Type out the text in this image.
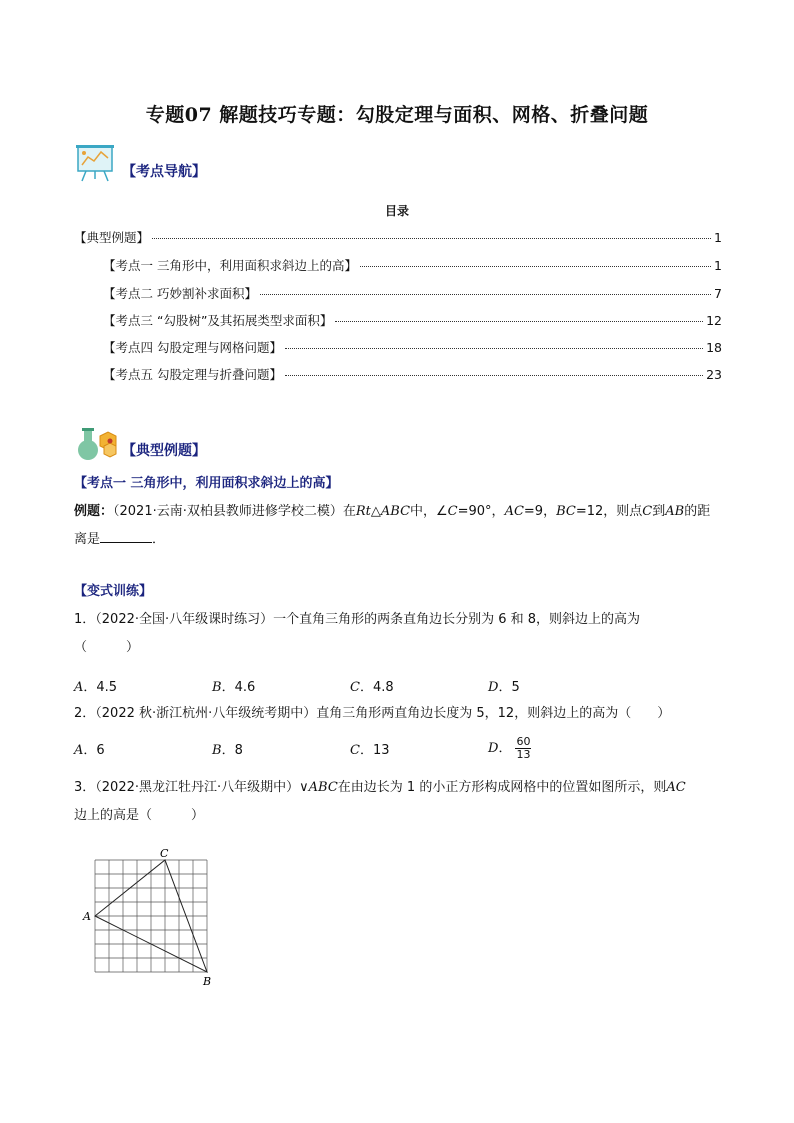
专题07 解题技巧专题：勾股定理与面积、网格、折叠问题
【考点导航】
目录
【典型例题】	1
【考点一 三角形中，利用面积求斜边上的高】	1
【考点二 巧妙割补求面积】	7
【考点三 “勾股树”及其拓展类型求面积】	12
【考点四 勾股定理与网格问题】	18
【考点五 勾股定理与折叠问题】	23
【典型例题】
【考点一 三角形中，利用面积求斜边上的高】
例题：（2021·云南·双柏县教师进修学校二模）在Rt△ABC中，∠C=90°，AC=9，BC=12，则点C到AB的距
离是	．
【变式训练】
1．（2022·全国·八年级课时练习）一个直角三角形的两条直角边长分别为 6 和 8，则斜边上的高为
（　　　）
A．4.5	B．4.6	C．4.8	D．5
2．（2022 秋·浙江杭州·八年级统考期中）直角三角形两直角边长度为 5，12，则斜边上的高为（　　）
A．6	B．8	C．13	D． $\frac{60}{13}$
3．（2022·黑龙江牡丹江·八年级期中）∨ABC在由边长为 1 的小正方形构成网格中的位置如图所示，则AC
边上的高是（　　　）
A
B
C
